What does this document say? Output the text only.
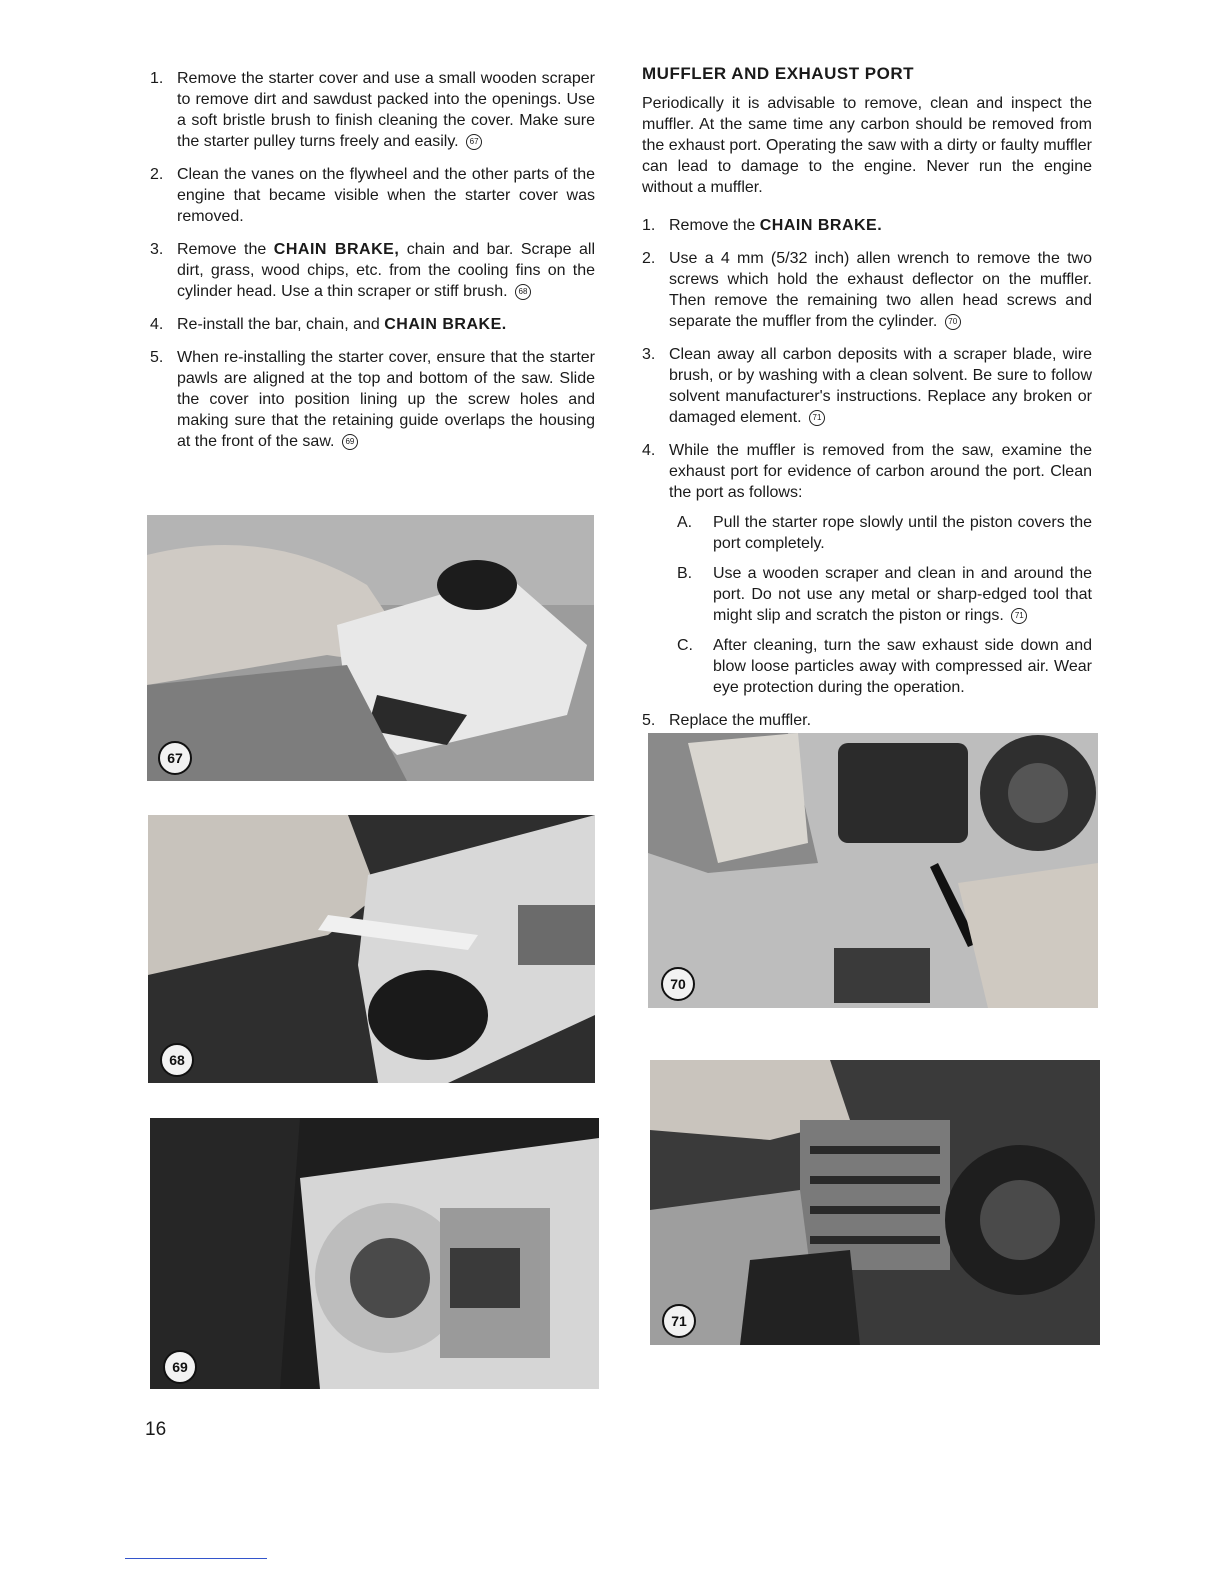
1. Remove the starter cover and use a small wooden scraper to remove dirt and sawdust packed into the openings. Use a soft bristle brush to finish cleaning the cover. Make sure the starter pulley turns freely and easily. 67
2. Clean the vanes on the flywheel and the other parts of the engine that became visible when the starter cover was removed.
3. Remove the CHAIN BRAKE, chain and bar. Scrape all dirt, grass, wood chips, etc. from the cooling fins on the cylinder head. Use a thin scraper or stiff brush. 68
4. Re-install the bar, chain, and CHAIN BRAKE.
5. When re-installing the starter cover, ensure that the starter pawls are aligned at the top and bottom of the saw. Slide the cover into position lining up the screw holes and making sure that the retaining guide overlaps the housing at the front of the saw. 69
67
68
69
MUFFLER AND EXHAUST PORT
Periodically it is advisable to remove, clean and inspect the muffler. At the same time any carbon should be removed from the exhaust port. Operating the saw with a dirty or faulty muffler can lead to damage to the engine. Never run the engine without a muffler.
1. Remove the CHAIN BRAKE.
2. Use a 4 mm (5/32 inch) allen wrench to remove the two screws which hold the exhaust deflector on the muffler. Then remove the remaining two allen head screws and separate the muffler from the cylinder. 70
3. Clean away all carbon deposits with a scraper blade, wire brush, or by washing with a clean solvent. Be sure to follow solvent manufacturer's instructions. Replace any broken or damaged element. 71
4. While the muffler is removed from the saw, examine the exhaust port for evidence of carbon around the port. Clean the port as follows:
A. Pull the starter rope slowly until the piston covers the port completely.
B. Use a wooden scraper and clean in and around the port. Do not use any metal or sharp-edged tool that might slip and scratch the piston or rings. 71
C. After cleaning, turn the saw exhaust side down and blow loose particles away with compressed air. Wear eye protection during the operation.
5. Replace the muffler.
70
71
16
